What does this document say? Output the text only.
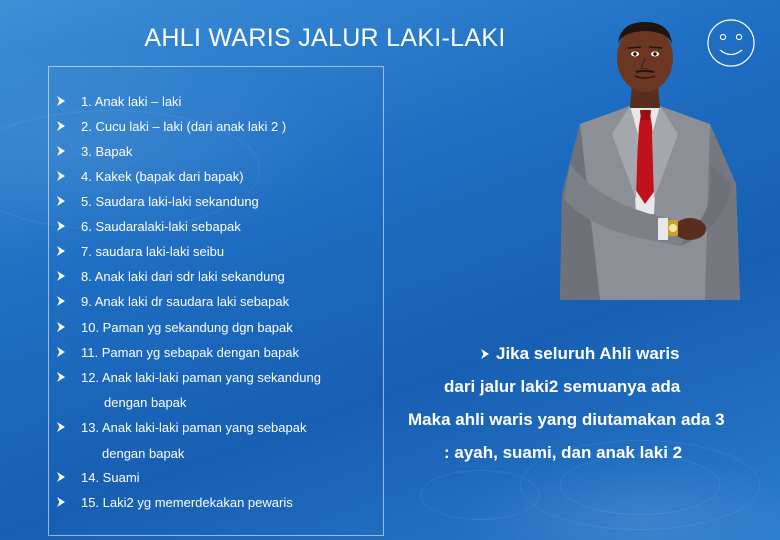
AHLI WARIS JALUR LAKI-LAKI
1. Anak laki – laki
2. Cucu laki – laki (dari anak laki 2 )
3. Bapak
4. Kakek (bapak dari bapak)
5. Saudara laki-laki sekandung
6. Saudaralaki-laki sebapak
7. saudara laki-laki seibu
8. Anak laki dari sdr laki sekandung
9. Anak laki dr saudara laki sebapak
10. Paman yg sekandung dgn bapak
11. Paman yg sebapak dengan bapak
12. Anak laki-laki paman yang sekandung
dengan bapak
13. Anak laki-laki paman yang sebapak
dengan bapak
14. Suami
15. Laki2 yg memerdekakan pewaris
Jika seluruh Ahli waris
dari jalur laki2 semuanya ada
Maka ahli waris yang diutamakan ada 3
: ayah, suami, dan anak laki 2
